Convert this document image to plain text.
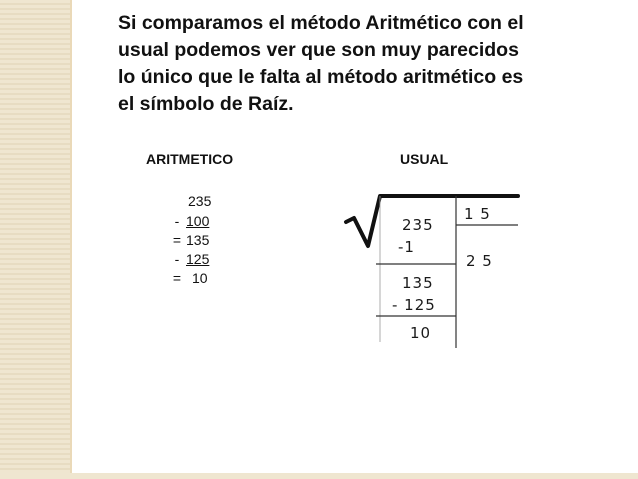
Si comparamos el método Aritmético con el
usual podemos ver que son muy parecidos
lo único que le falta al método aritmético es
el símbolo de Raíz.
ARITMETICO	USUAL
235
- 100
= 135
- 125
= 10
235
-1
135
- 125
10
1 5
2 5
